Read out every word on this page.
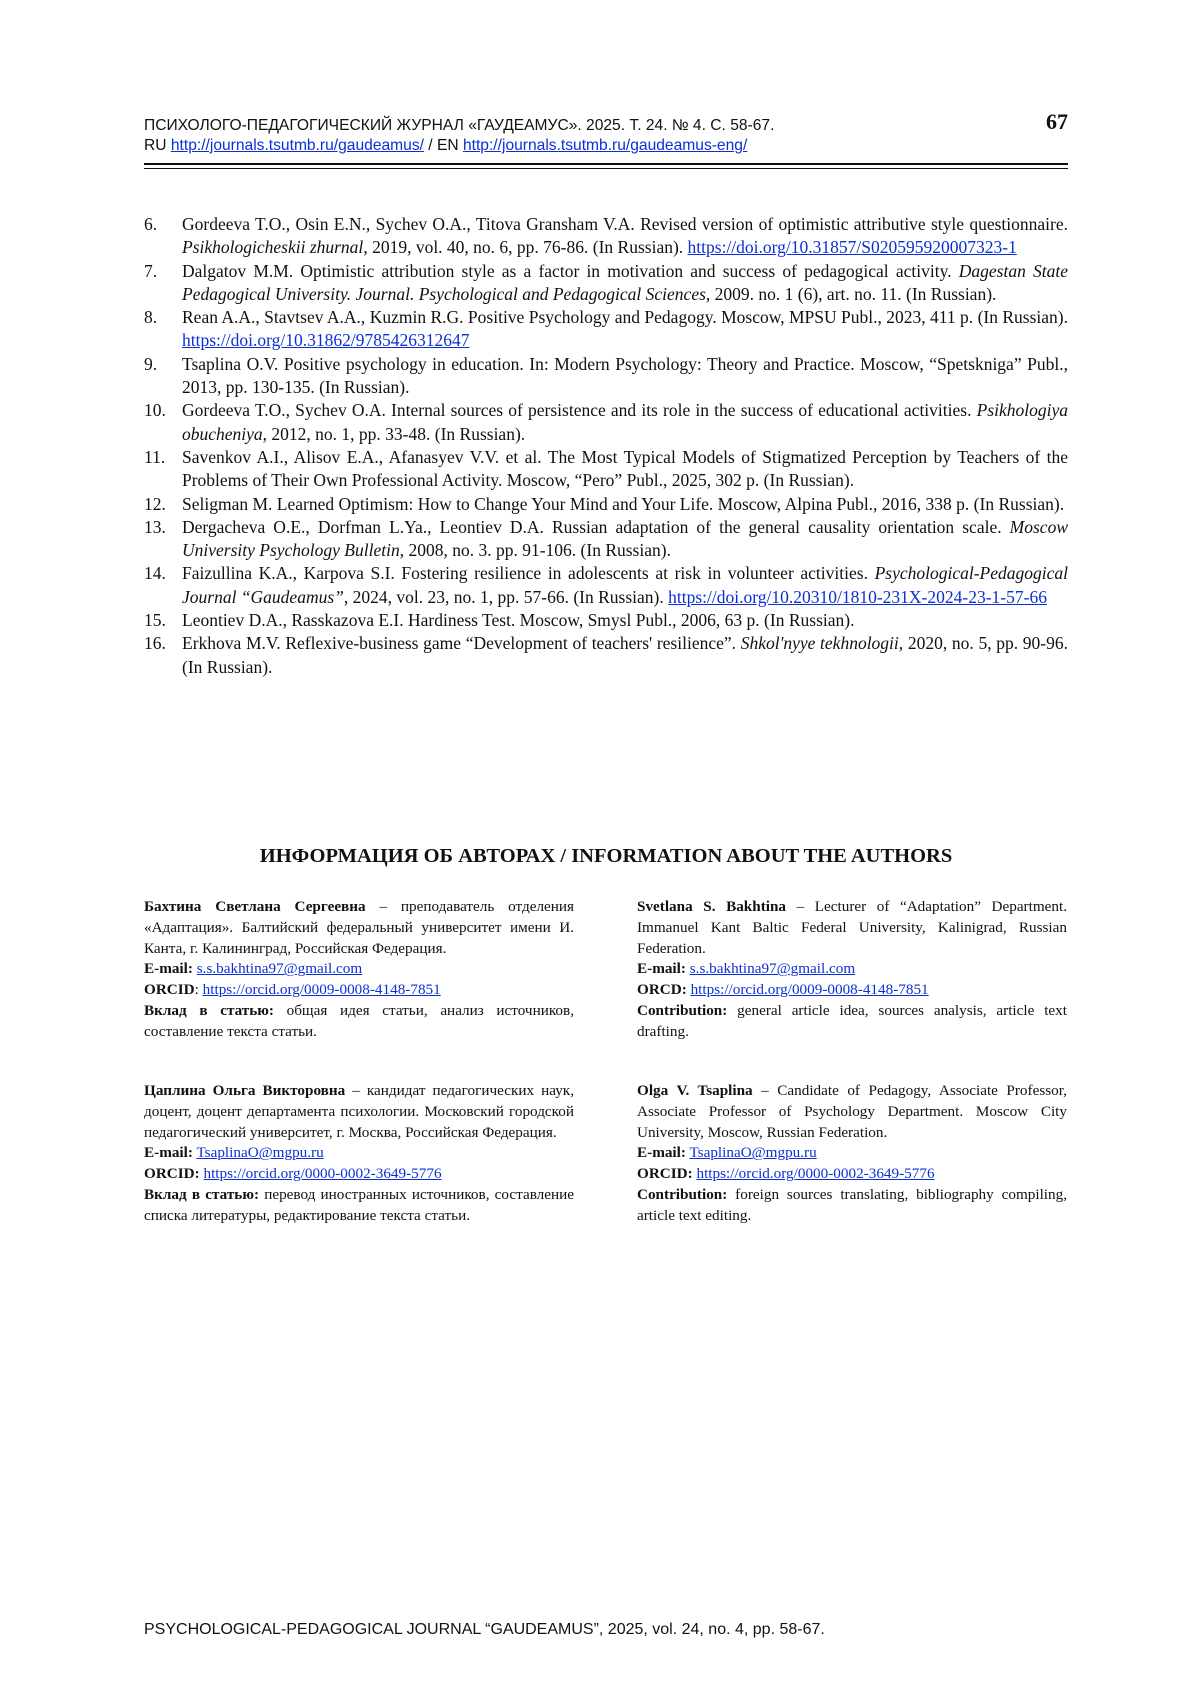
ПСИХОЛОГО-ПЕДАГОГИЧЕСКИЙ ЖУРНАЛ «ГАУДЕАМУС». 2025. Т. 24. № 4. С. 58-67.
RU http://journals.tsutmb.ru/gaudeamus/ / EN http://journals.tsutmb.ru/gaudeamus-eng/
67
6. Gordeeva T.O., Osin E.N., Sychev O.A., Titova Gransham V.A. Revised version of optimistic attributive style questionnaire. Psikhologicheskii zhurnal, 2019, vol. 40, no. 6, pp. 76-86. (In Russian). https://doi.org/10.31857/S020595920007323-1
7. Dalgatov M.M. Optimistic attribution style as a factor in motivation and success of pedagogical activity. Dagestan State Pedagogical University. Journal. Psychological and Pedagogical Sciences, 2009. no. 1 (6), art. no. 11. (In Russian).
8. Rean A.A., Stavtsev A.A., Kuzmin R.G. Positive Psychology and Pedagogy. Moscow, MPSU Publ., 2023, 411 p. (In Russian). https://doi.org/10.31862/9785426312647
9. Tsaplina O.V. Positive psychology in education. In: Modern Psychology: Theory and Practice. Moscow, “Spetskniga” Publ., 2013, pp. 130-135. (In Russian).
10. Gordeeva T.O., Sychev O.A. Internal sources of persistence and its role in the success of educational activities. Psikhologiya obucheniya, 2012, no. 1, pp. 33-48. (In Russian).
11. Savenkov A.I., Alisov E.A., Afanasyev V.V. et al. The Most Typical Models of Stigmatized Perception by Teachers of the Problems of Their Own Professional Activity. Moscow, “Pero” Publ., 2025, 302 p. (In Russian).
12. Seligman M. Learned Optimism: How to Change Your Mind and Your Life. Moscow, Alpina Publ., 2016, 338 p. (In Russian).
13. Dergacheva O.E., Dorfman L.Ya., Leontiev D.A. Russian adaptation of the general causality orientation scale. Moscow University Psychology Bulletin, 2008, no. 3. pp. 91-106. (In Russian).
14. Faizullina K.A., Karpova S.I. Fostering resilience in adolescents at risk in volunteer activities. Psychological-Pedagogical Journal “Gaudeamus”, 2024, vol. 23, no. 1, pp. 57-66. (In Russian). https://doi.org/10.20310/1810-231X-2024-23-1-57-66
15. Leontiev D.A., Rasskazova E.I. Hardiness Test. Moscow, Smysl Publ., 2006, 63 p. (In Russian).
16. Erkhova M.V. Reflexive-business game “Development of teachers' resilience”. Shkol'nyye tekhnologii, 2020, no. 5, pp. 90-96. (In Russian).
ИНФОРМАЦИЯ ОБ АВТОРАХ / INFORMATION ABOUT THE AUTHORS

Бахтина Светлана Сергеевна – преподаватель отделения «Адаптация». Балтийский федеральный университет имени И. Канта, г. Калининград, Российская Федерация.

E-mail: s.s.bakhtina97@gmail.com

ORCID: https://orcid.org/0009-0008-4148-7851

Вклад в статью: общая идея статьи, анализ источников, составление текста статьи.

Svetlana S. Bakhtina – Lecturer of “Adaptation” Department. Immanuel Kant Baltic Federal University, Kalinigrad, Russian Federation.

E-mail: s.s.bakhtina97@gmail.com

ORCD: https://orcid.org/0009-0008-4148-7851

Contribution: general article idea, sources analysis, article text drafting.

Цаплина Ольга Викторовна – кандидат педагогических наук, доцент, доцент департамента психологии. Московский городской педагогический университет, г. Москва, Российская Федерация.

E-mail: TsaplinaO@mgpu.ru

ORCID: https://orcid.org/0000-0002-3649-5776

Вклад в статью: перевод иностранных источников, составление списка литературы, редактирование текста статьи.

Olga V. Tsaplina – Candidate of Pedagogy, Associate Professor, Associate Professor of Psychology Department. Moscow City University, Moscow, Russian Federation.

E-mail: TsaplinaO@mgpu.ru

ORCID: https://orcid.org/0000-0002-3649-5776

Contribution: foreign sources translating, bibliography compiling, article text editing.

PSYCHOLOGICAL-PEDAGOGICAL JOURNAL “GAUDEAMUS”, 2025, vol. 24, no. 4, pp. 58-67.
